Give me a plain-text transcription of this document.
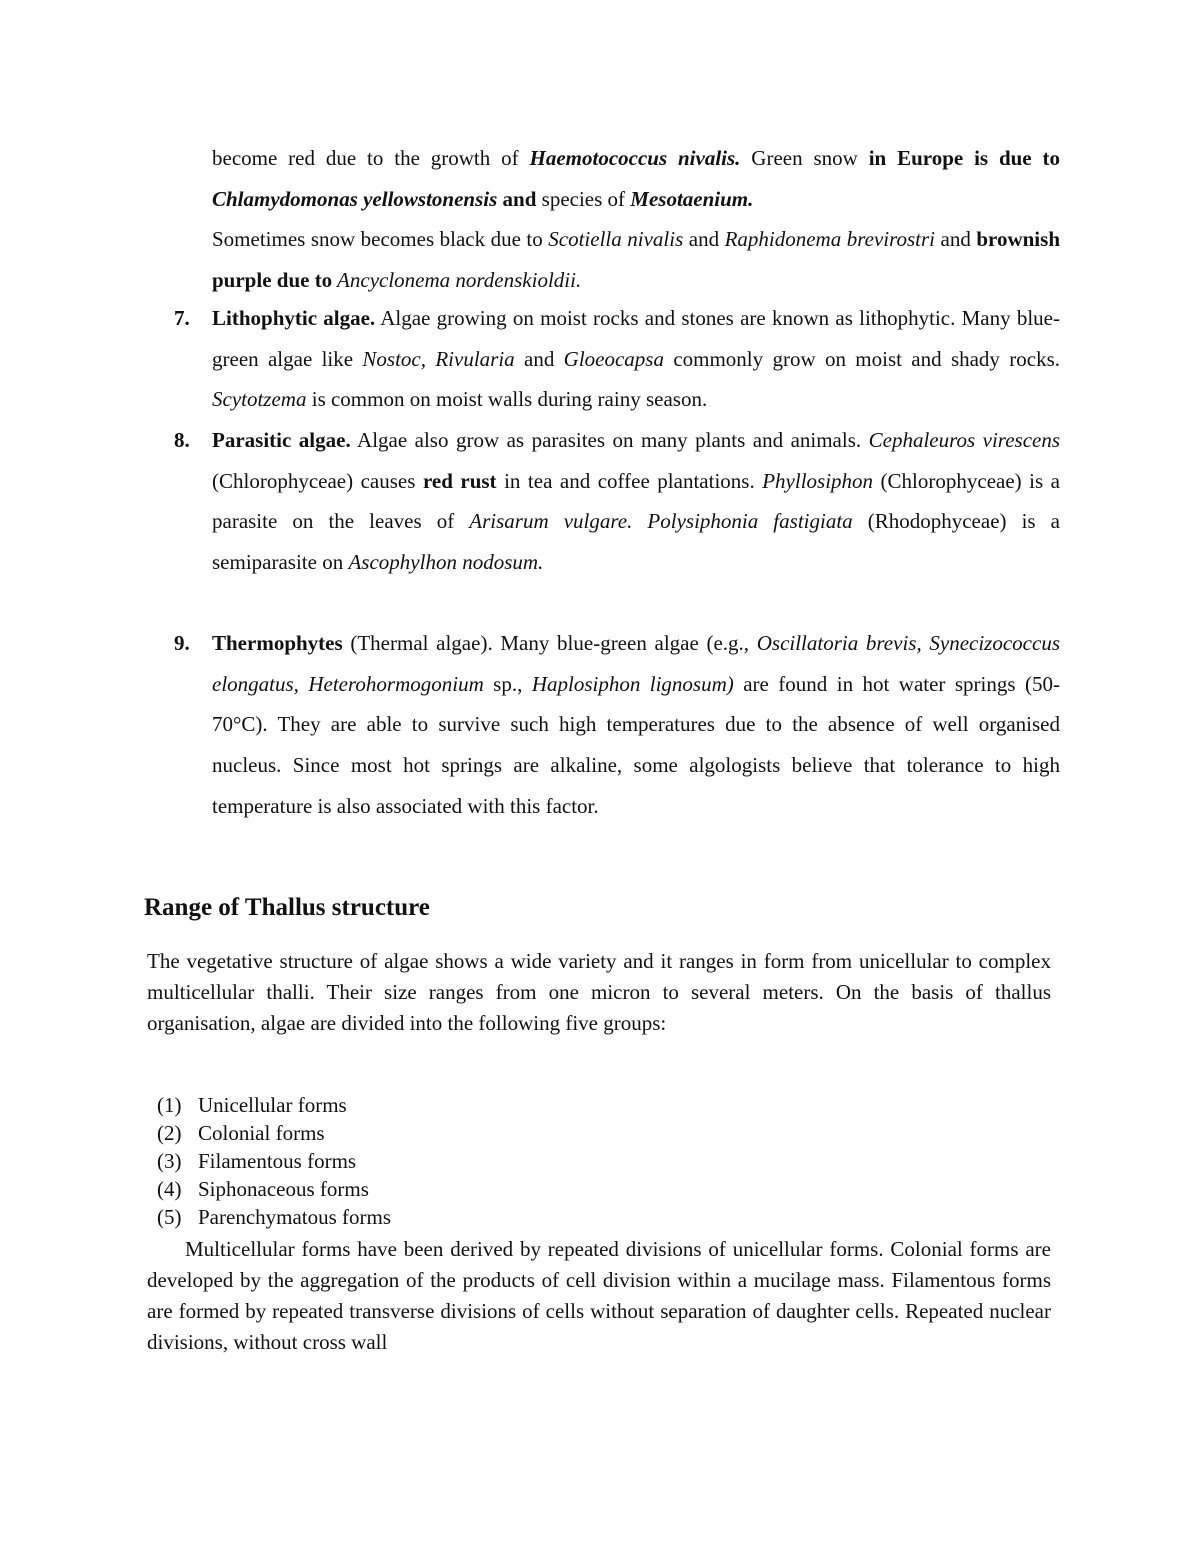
become red due to the growth of Haemotococcus nivalis. Green snow in Europe is due to Chlamydomonas yellowstonensis and species of Mesotaenium.

Sometimes snow becomes black due to Scotiella nivalis and Raphidonema brevirostri and brownish purple due to Ancyclonema nordenskioldii.

7. Lithophytic algae. Algae growing on moist rocks and stones are known as lithophytic. Many blue-green algae like Nostoc, Rivularia and Gloeocapsa commonly grow on moist and shady rocks. Scytotzema is common on moist walls during rainy season.
8. Parasitic algae. Algae also grow as parasites on many plants and animals. Cephaleuros virescens (Chlorophyceae) causes red rust in tea and coffee plantations. Phyllosiphon (Chlorophyceae) is a parasite on the leaves of Arisarum vulgare. Polysiphonia fastigiata (Rhodophyceae) is a semiparasite on Ascophylhon nodosum.
9. Thermophytes (Thermal algae). Many blue-green algae (e.g., Oscillatoria brevis, Synecizococcus elongatus, Heterohormogonium sp., Haplosiphon lignosum) are found in hot water springs (50-70°C). They are able to survive such high temperatures due to the absence of well organised nucleus. Since most hot springs are alkaline, some algologists believe that tolerance to high temperature is also associated with this factor.
Range of Thallus structure

The vegetative structure of algae shows a wide variety and it ranges in form from unicellular to complex multicellular thalli. Their size ranges from one micron to several meters. On the basis of thallus organisation, algae are divided into the following five groups:

(1) Unicellular forms
(2) Colonial forms
(3) Filamentous forms
(4) Siphonaceous forms
(5) Parenchymatous forms

Multicellular forms have been derived by repeated divisions of unicellular forms. Colonial forms are developed by the aggregation of the products of cell division within a mucilage mass. Filamentous forms are formed by repeated transverse divisions of cells without separation of daughter cells. Repeated nuclear divisions, without cross wall
